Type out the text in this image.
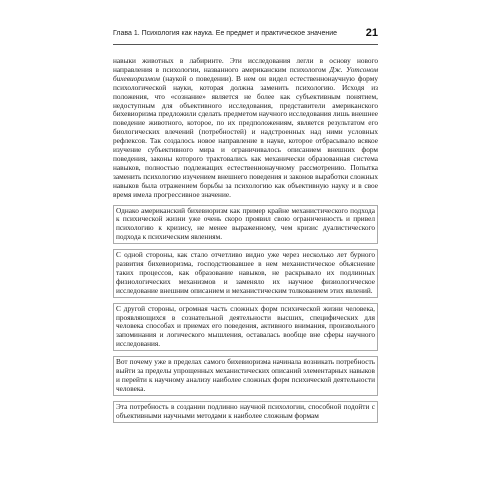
Глава 1. Психология как наука. Ее предмет и практическое значение	21

навыки животных в лабиринте. Эти исследования легли в основу нового направления в психологии, названного американским психологом Дж. Уотсоном бихевиоризмом (наукой о поведении). В нем он видел естественнонаучную форму психологической науки, которая должна заменить психологию. Исходя из положения, что «сознание» является не более как субъективным понятием, недоступным для объективного исследования, представители американского бихевиоризма предложили сделать предметом научного исследования лишь внешнее поведение животного, которое, по их предположениям, является результатом его биологических влечений (потребностей) и надстроенных над ними условных рефлексов. Так создалось новое направление в науке, которое отбрасывало всякое изучение субъективного мира и ограничивалось описанием внешних форм поведения, законы которого трактовались как механически образованная система навыков, полностью подлежащих естественнонаучному рассмотрению. Попытка заменить психологию изучением внешнего поведения и законов выработки сложных навыков была отражением борьбы за психологию как объективную науку и в свое время имела прогрессивное значение.

Однако американский бихевиоризм как пример крайне механистического подхода к психической жизни уже очень скоро проявил свою ограниченность и привел психологию к кризису, не менее выраженному, чем кризис дуалистического подхода к психическим явлениям.

С одной стороны, как стало отчетливо видно уже через несколько лет бурного развития бихевиоризма, господствовавшее в нем механистическое объяснение таких процессов, как образование навыков, не раскрывало их подлинных физиологических механизмов и заменяло их научное физиологическое исследование внешним описанием и механистическим толкованием этих явлений.

С другой стороны, огромная часть сложных форм психической жизни человека, проявляющихся в сознательной деятельности высших, специфических для человека способах и приемах его поведения, активного внимания, произвольного запоминания и логического мышления, оставалась вообще вне сферы научного исследования.

Вот почему уже в пределах самого бихевиоризма начинала возникать потребность выйти за пределы упрощенных механистических описаний элементарных навыков и перейти к научному анализу наиболее сложных форм психической деятельности человека.

Эта потребность в создании подлинно научной психологии, способной подойти с объективными научными методами к наиболее сложным формам
